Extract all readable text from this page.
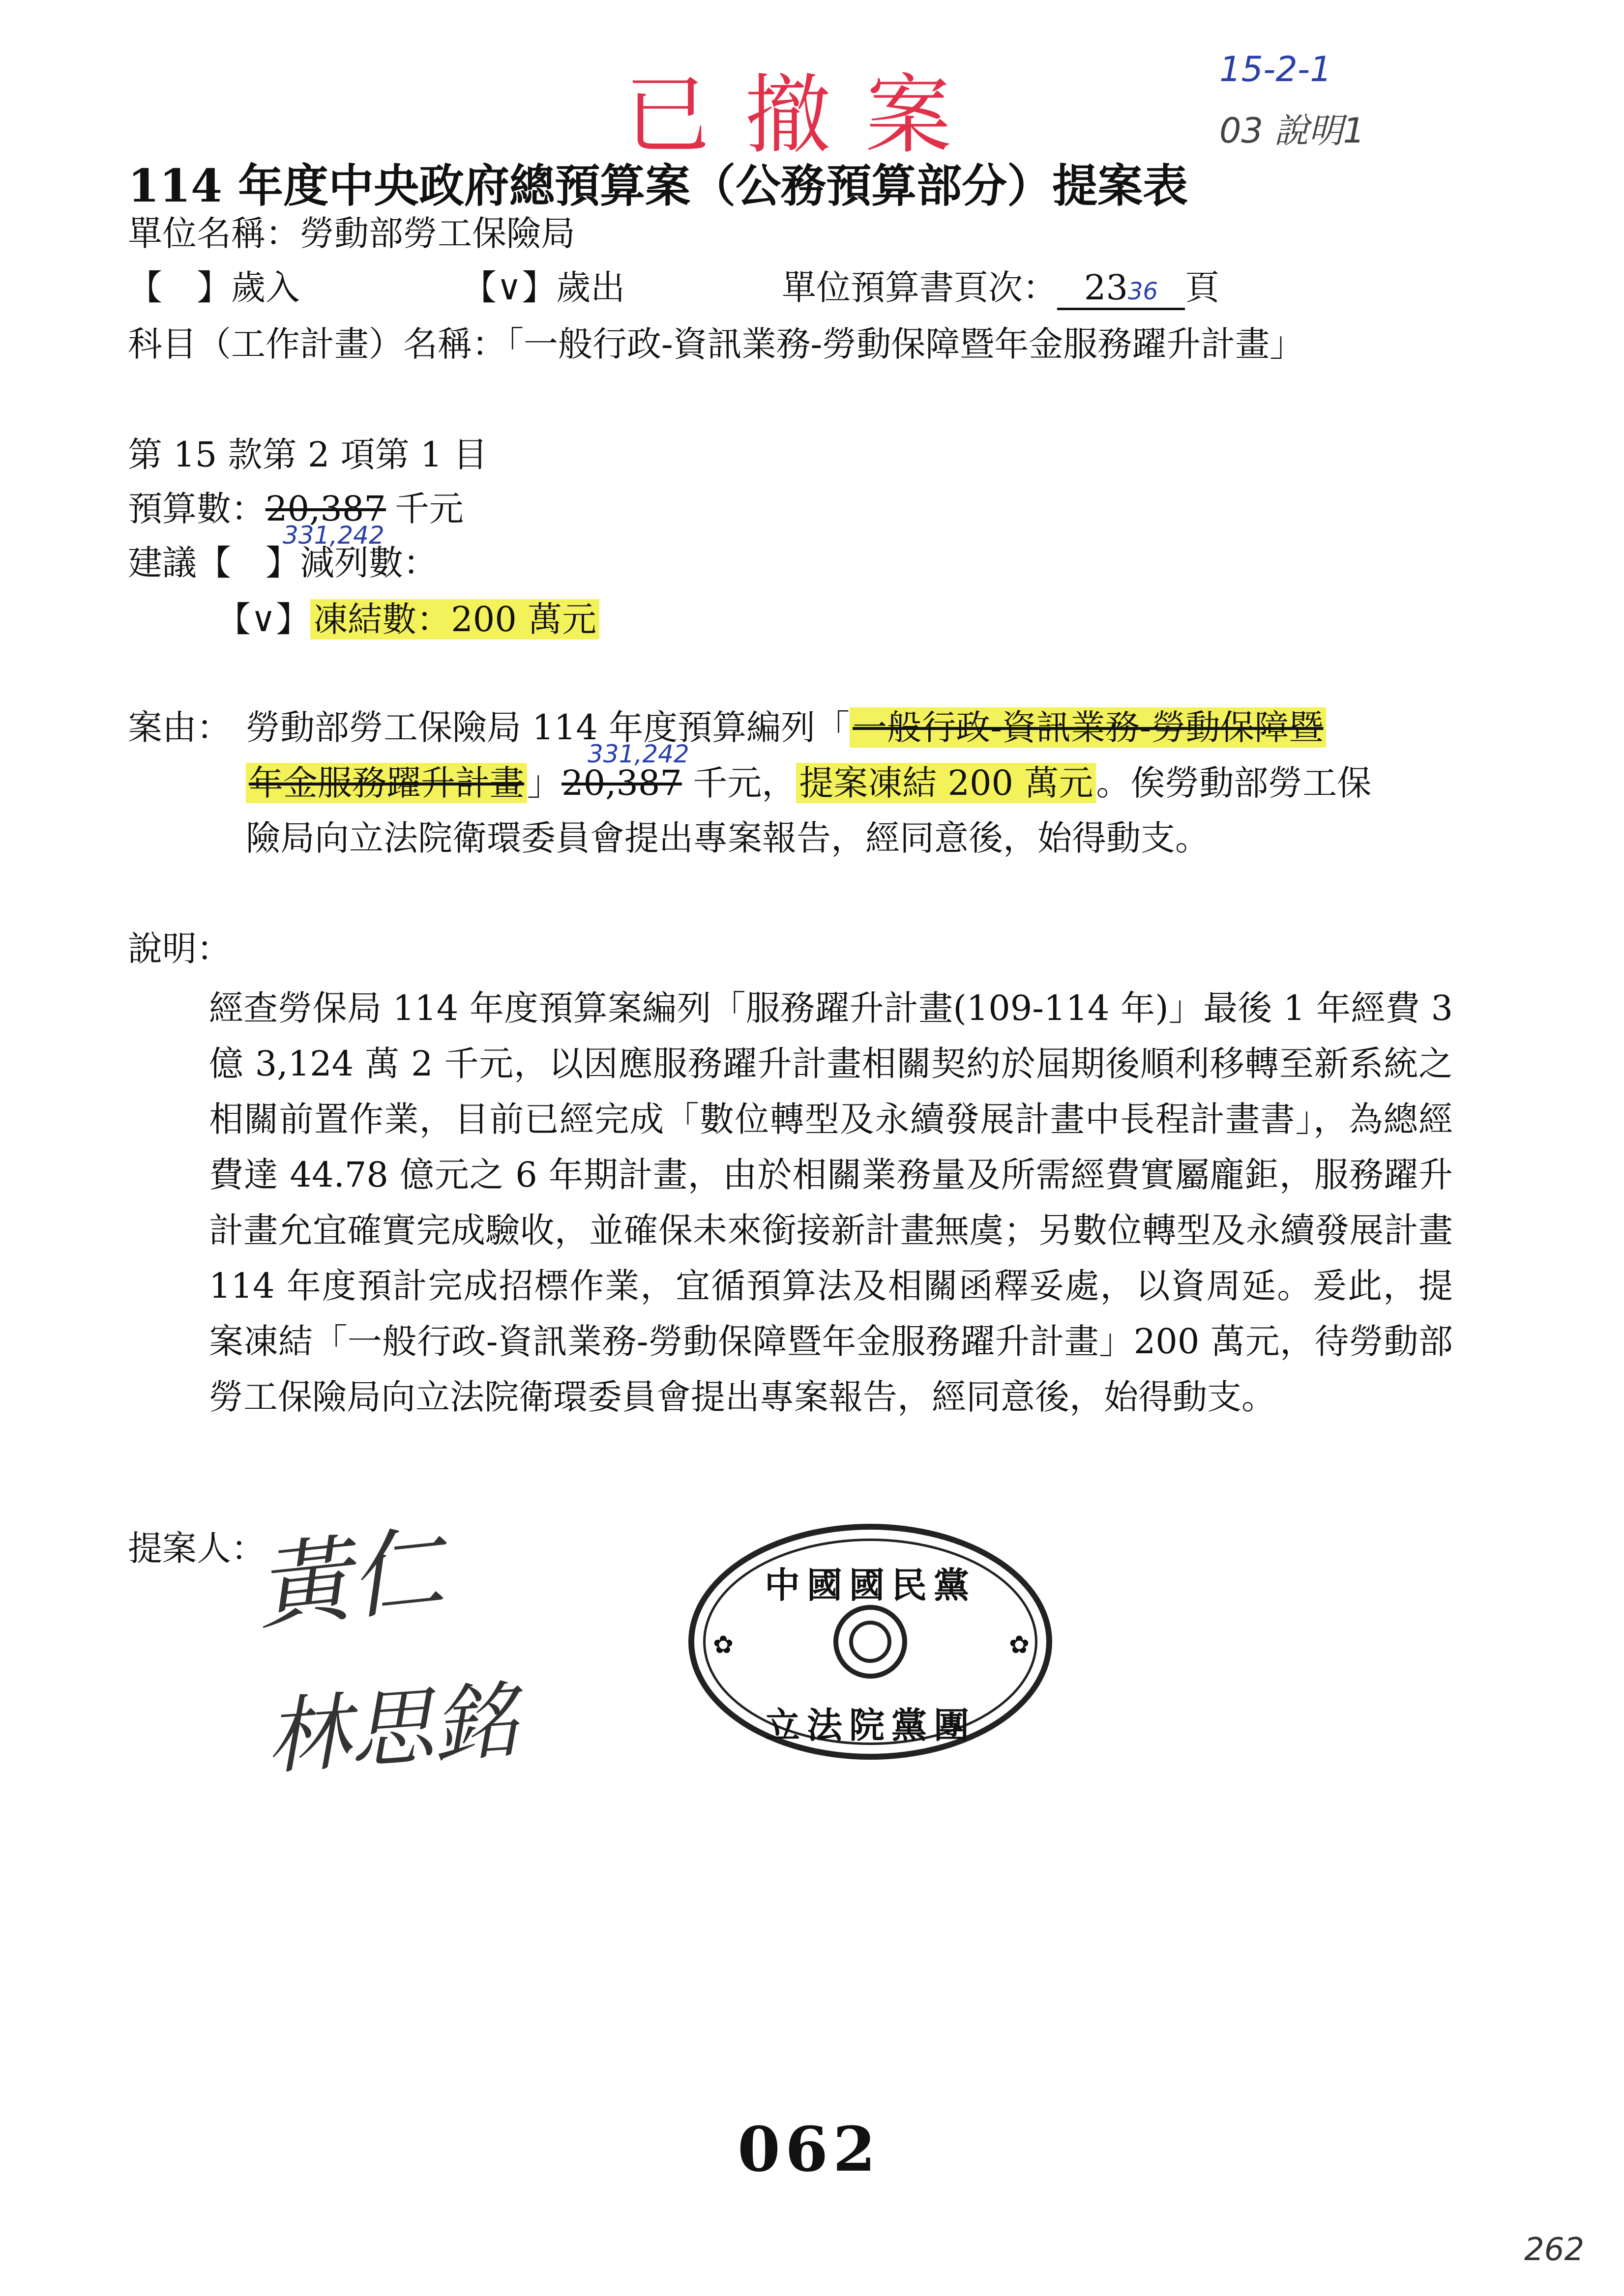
已撤案	15-2-1
03 說明1
114 年度中央政府總預算案（公務預算部分）提案表
單位名稱：勞動部勞工保險局
【　】歲入	【∨】歲出	單位預算書頁次： 2336 頁
科目（工作計畫）名稱：「一般行政-資訊業務-勞動保障暨年金服務躍升計畫」
第 15 款第 2 項第 1 目
331,242
預算數：20,387 千元
建議【　】減列數：
【∨】凍結數：200 萬元
案由： 勞動部勞工保險局 114 年度預算編列「一般行政-資訊業務-勞動保障暨
331,242
年金服務躍升計畫」20,387 千元，提案凍結 200 萬元。俟勞動部勞工保
險局向立法院衛環委員會提出專案報告，經同意後，始得動支。
說明：
經查勞保局 114 年度預算案編列「服務躍升計畫(109-114 年)」最後 1 年經費 3 億 3,124 萬 2 千元，以因應服務躍升計畫相關契約於屆期後順利移轉至新系統之相關前置作業，目前已經完成「數位轉型及永續發展計畫中長程計畫書」，為總經費達 44.78 億元之 6 年期計畫，由於相關業務量及所需經費實屬龐鉅，服務躍升計畫允宜確實完成驗收，並確保未來銜接新計畫無虞；另數位轉型及永續發展計畫 114 年度預計完成招標作業，宜循預算法及相關函釋妥處，以資周延。爰此，提案凍結「一般行政-資訊業務-勞動保障暨年金服務躍升計畫」200 萬元，待勞動部勞工保險局向立法院衛環委員會提出專案報告，經同意後，始得動支。
提案人：
黃仁
林思銘
中國國民黨
立法院黨團
✿	✿
062
262
